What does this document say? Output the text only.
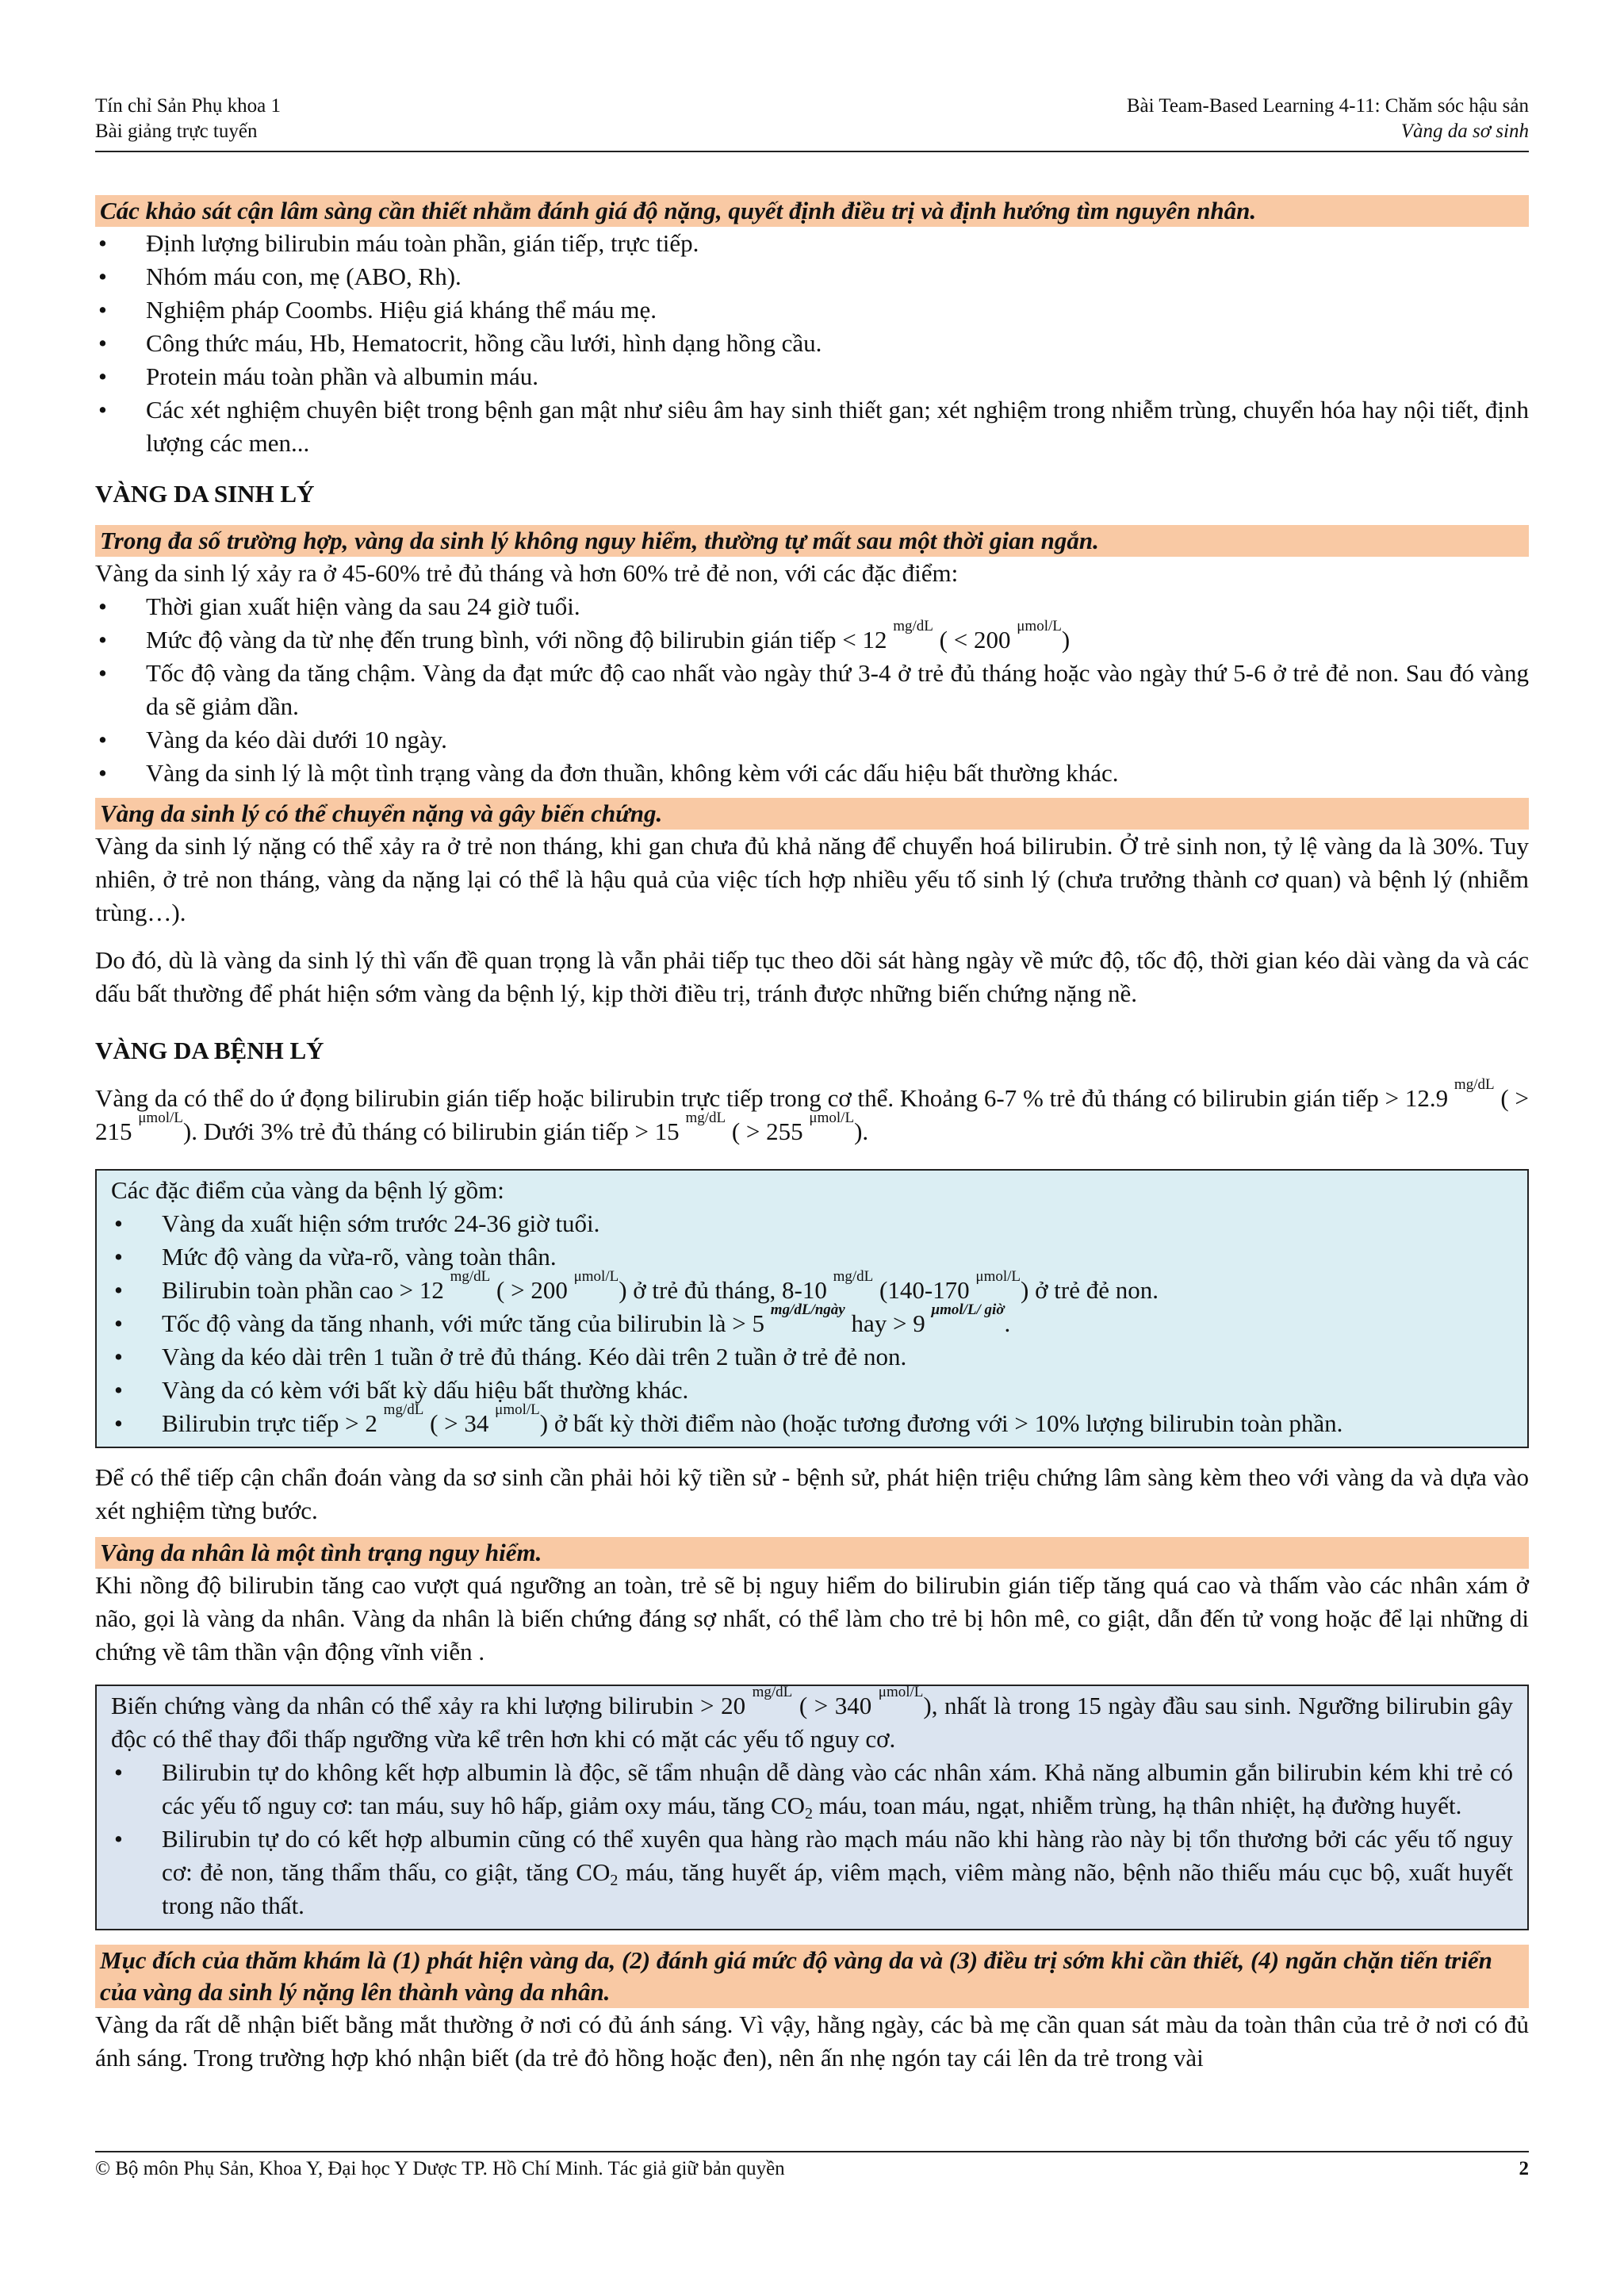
Tín chỉ Sản Phụ khoa 1	Bài Team-Based Learning 4-11: Chăm sóc hậu sản
Bài giảng trực tuyến	Vàng da sơ sinh
Các khảo sát cận lâm sàng cần thiết nhằm đánh giá độ nặng, quyết định điều trị và định hướng tìm nguyên nhân.
• Định lượng bilirubin máu toàn phần, gián tiếp, trực tiếp.
• Nhóm máu con, mẹ (ABO, Rh).
• Nghiệm pháp Coombs. Hiệu giá kháng thể máu mẹ.
• Công thức máu, Hb, Hematocrit, hồng cầu lưới, hình dạng hồng cầu.
• Protein máu toàn phần và albumin máu.
• Các xét nghiệm chuyên biệt trong bệnh gan mật như siêu âm hay sinh thiết gan; xét nghiệm trong nhiễm trùng, chuyển hóa hay nội tiết, định lượng các men...
VÀNG DA SINH LÝ
Trong đa số trường hợp, vàng da sinh lý không nguy hiểm, thường tự mất sau một thời gian ngắn.

Vàng da sinh lý xảy ra ở 45-60% trẻ đủ tháng và hơn 60% trẻ đẻ non, với các đặc điểm:

• Thời gian xuất hiện vàng da sau 24 giờ tuổi.
• Mức độ vàng da từ nhẹ đến trung bình, với nồng độ bilirubin gián tiếp < 12 $^{mg/dL}$ ( < 200 $^{\mu mol/L}$)
• Tốc độ vàng da tăng chậm. Vàng da đạt mức độ cao nhất vào ngày thứ 3-4 ở trẻ đủ tháng hoặc vào ngày thứ 5-6 ở trẻ đẻ non. Sau đó vàng da sẽ giảm dần.
• Vàng da kéo dài dưới 10 ngày.
• Vàng da sinh lý là một tình trạng vàng da đơn thuần, không kèm với các dấu hiệu bất thường khác.
Vàng da sinh lý có thể chuyển nặng và gây biến chứng.

Vàng da sinh lý nặng có thể xảy ra ở trẻ non tháng, khi gan chưa đủ khả năng để chuyển hoá bilirubin. Ở trẻ sinh non, tỷ lệ vàng da là 30%. Tuy nhiên, ở trẻ non tháng, vàng da nặng lại có thể là hậu quả của việc tích hợp nhiều yếu tố sinh lý (chưa trưởng thành cơ quan) và bệnh lý (nhiễm trùng…).

Do đó, dù là vàng da sinh lý thì vấn đề quan trọng là vẫn phải tiếp tục theo dõi sát hàng ngày về mức độ, tốc độ, thời gian kéo dài vàng da và các dấu bất thường để phát hiện sớm vàng da bệnh lý, kịp thời điều trị, tránh được những biến chứng nặng nề.

VÀNG DA BỆNH LÝ

Vàng da có thể do ứ đọng bilirubin gián tiếp hoặc bilirubin trực tiếp trong cơ thể. Khoảng 6-7 % trẻ đủ tháng có bilirubin gián tiếp > 12.9 $^{mg/dL}$ ( > 215 $^{\mu mol/L}$). Dưới 3% trẻ đủ tháng có bilirubin gián tiếp > 15 $^{mg/dL}$ ( > 255 $^{\mu mol/L}$).

Các đặc điểm của vàng da bệnh lý gồm:

• Vàng da xuất hiện sớm trước 24-36 giờ tuổi.
• Mức độ vàng da vừa-rõ, vàng toàn thân.
• Bilirubin toàn phần cao > 12 $^{mg/dL}$ ( > 200 $^{\mu mol/L}$) ở trẻ đủ tháng, 8-10 $^{mg/dL}$ (140-170 $^{\mu mol/L}$) ở trẻ đẻ non.
• Tốc độ vàng da tăng nhanh, với mức tăng của bilirubin là > 5 $^{mg/dL/ngày}$ hay > 9 $^{\mu mol/L/ giờ}$.
• Vàng da kéo dài trên 1 tuần ở trẻ đủ tháng. Kéo dài trên 2 tuần ở trẻ đẻ non.
• Vàng da có kèm với bất kỳ dấu hiệu bất thường khác.
• Bilirubin trực tiếp > 2 $^{mg/dL}$ ( > 34 $^{\mu mol/L}$) ở bất kỳ thời điểm nào (hoặc tương đương với > 10% lượng bilirubin toàn phần.

Để có thể tiếp cận chẩn đoán vàng da sơ sinh cần phải hỏi kỹ tiền sử - bệnh sử, phát hiện triệu chứng lâm sàng kèm theo với vàng da và dựa vào xét nghiệm từng bước.

Vàng da nhân là một tình trạng nguy hiểm.

Khi nồng độ bilirubin tăng cao vượt quá ngưỡng an toàn, trẻ sẽ bị nguy hiểm do bilirubin gián tiếp tăng quá cao và thấm vào các nhân xám ở não, gọi là vàng da nhân. Vàng da nhân là biến chứng đáng sợ nhất, có thể làm cho trẻ bị hôn mê, co giật, dẫn đến tử vong hoặc để lại những di chứng về tâm thần vận động vĩnh viễn .

Biến chứng vàng da nhân có thể xảy ra khi lượng bilirubin > 20 $^{mg/dL}$ ( > 340 $^{\mu mol/L}$), nhất là trong 15 ngày đầu sau sinh. Ngưỡng bilirubin gây độc có thể thay đổi thấp ngưỡng vừa kể trên hơn khi có mặt các yếu tố nguy cơ.

• Bilirubin tự do không kết hợp albumin là độc, sẽ tẩm nhuận dễ dàng vào các nhân xám. Khả năng albumin gắn bilirubin kém khi trẻ có các yếu tố nguy cơ: tan máu, suy hô hấp, giảm oxy máu, tăng $CO_2$ máu, toan máu, ngạt, nhiễm trùng, hạ thân nhiệt, hạ đường huyết.
• Bilirubin tự do có kết hợp albumin cũng có thể xuyên qua hàng rào mạch máu não khi hàng rào này bị tổn thương bởi các yếu tố nguy cơ: đẻ non, tăng thẩm thấu, co giật, tăng $CO_2$ máu, tăng huyết áp, viêm mạch, viêm màng não, bệnh não thiếu máu cục bộ, xuất huyết trong não thất.
Mục đích của thăm khám là (1) phát hiện vàng da, (2) đánh giá mức độ vàng da và (3) điều trị sớm khi cần thiết, (4) ngăn chặn tiến triển của vàng da sinh lý nặng lên thành vàng da nhân.

Vàng da rất dễ nhận biết bằng mắt thường ở nơi có đủ ánh sáng. Vì vậy, hằng ngày, các bà mẹ cần quan sát màu da toàn thân của trẻ ở nơi có đủ ánh sáng. Trong trường hợp khó nhận biết (da trẻ đỏ hồng hoặc đen), nên ấn nhẹ ngón tay cái lên da trẻ trong vài

© Bộ môn Phụ Sản, Khoa Y, Đại học Y Dược TP. Hồ Chí Minh. Tác giả giữ bản quyền	2
